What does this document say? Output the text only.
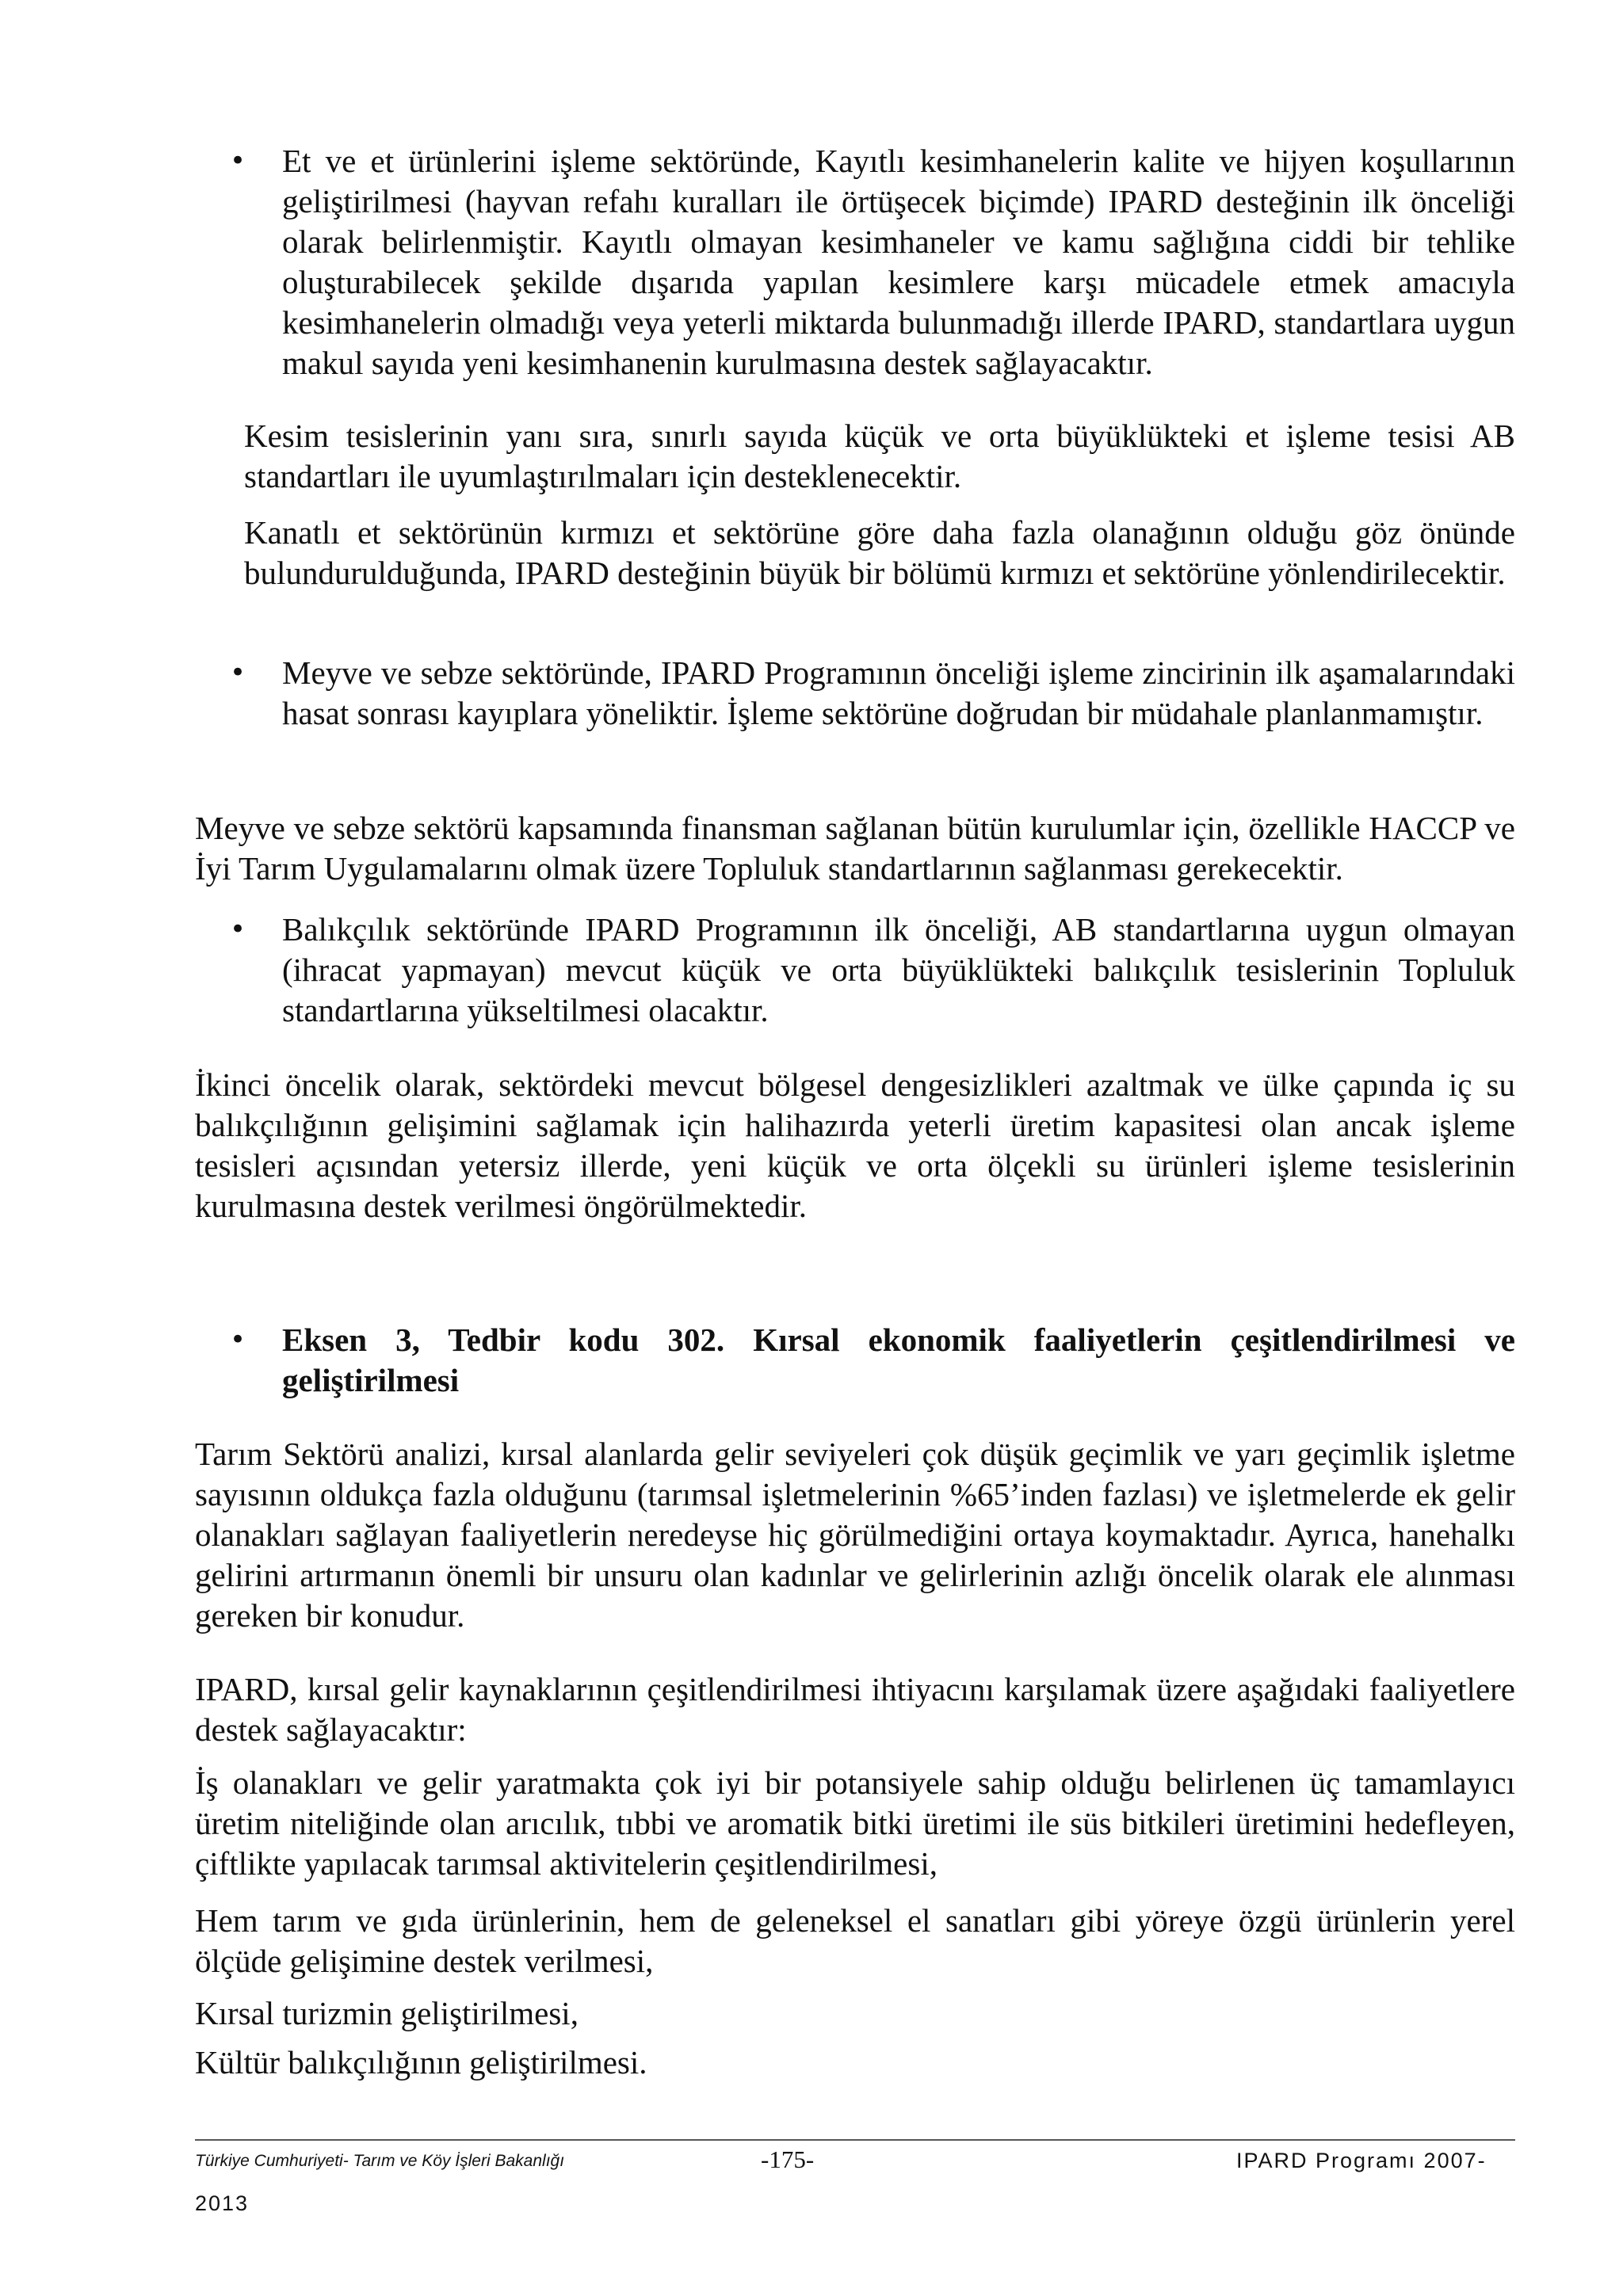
• Et ve et ürünlerini işleme sektöründe, Kayıtlı kesimhanelerin kalite ve hijyen koşullarının geliştirilmesi (hayvan refahı kuralları ile örtüşecek biçimde) IPARD desteğinin ilk önceliği olarak belirlenmiştir. Kayıtlı olmayan kesimhaneler ve kamu sağlığına ciddi bir tehlike oluşturabilecek şekilde dışarıda yapılan kesimlere karşı mücadele etmek amacıyla kesimhanelerin olmadığı veya yeterli miktarda bulunmadığı illerde IPARD, standartlara uygun makul sayıda yeni kesimhanenin kurulmasına destek sağlayacaktır.

Kesim tesislerinin yanı sıra, sınırlı sayıda küçük ve orta büyüklükteki et işleme tesisi AB standartları ile uyumlaştırılmaları için desteklenecektir.

Kanatlı et sektörünün kırmızı et sektörüne göre daha fazla olanağının olduğu göz önünde bulundurulduğunda, IPARD desteğinin büyük bir bölümü kırmızı et sektörüne yönlendirilecektir.

• Meyve ve sebze sektöründe, IPARD Programının önceliği işleme zincirinin ilk aşamalarındaki hasat sonrası kayıplara yöneliktir. İşleme sektörüne doğrudan bir müdahale planlanmamıştır.

Meyve ve sebze sektörü kapsamında finansman sağlanan bütün kurulumlar için, özellikle HACCP ve İyi Tarım Uygulamalarını olmak üzere Topluluk standartlarının sağlanması gerekecektir.

• Balıkçılık sektöründe IPARD Programının ilk önceliği, AB standartlarına uygun olmayan (ihracat yapmayan) mevcut küçük ve orta büyüklükteki balıkçılık tesislerinin Topluluk standartlarına yükseltilmesi olacaktır.

İkinci öncelik olarak, sektördeki mevcut bölgesel dengesizlikleri azaltmak ve ülke çapında iç su balıkçılığının gelişimini sağlamak için halihazırda yeterli üretim kapasitesi olan ancak işleme tesisleri açısından yetersiz illerde, yeni küçük ve orta ölçekli su ürünleri işleme tesislerinin kurulmasına destek verilmesi öngörülmektedir.

• Eksen 3, Tedbir kodu 302. Kırsal ekonomik faaliyetlerin çeşitlendirilmesi ve geliştirilmesi

Tarım Sektörü analizi, kırsal alanlarda gelir seviyeleri çok düşük geçimlik ve yarı geçimlik işletme sayısının oldukça fazla olduğunu (tarımsal işletmelerinin %65’inden fazlası) ve işletmelerde ek gelir olanakları sağlayan faaliyetlerin neredeyse hiç görülmediğini ortaya koymaktadır. Ayrıca, hanehalkı gelirini artırmanın önemli bir unsuru olan kadınlar ve gelirlerinin azlığı öncelik olarak ele alınması gereken bir konudur.

IPARD, kırsal gelir kaynaklarının çeşitlendirilmesi ihtiyacını karşılamak üzere aşağıdaki faaliyetlere destek sağlayacaktır:

İş olanakları ve gelir yaratmakta çok iyi bir potansiyele sahip olduğu belirlenen üç tamamlayıcı üretim niteliğinde olan arıcılık, tıbbi ve aromatik bitki üretimi ile süs bitkileri üretimini hedefleyen, çiftlikte yapılacak tarımsal aktivitelerin çeşitlendirilmesi,

Hem tarım ve gıda ürünlerinin, hem de geleneksel el sanatları gibi yöreye özgü ürünlerin yerel ölçüde gelişimine destek verilmesi,

Kırsal turizmin geliştirilmesi,

Kültür balıkçılığının geliştirilmesi.

Türkiye Cumhuriyeti- Tarım ve Köy İşleri Bakanlığı	-175-	IPARD Programı 2007-
2013
